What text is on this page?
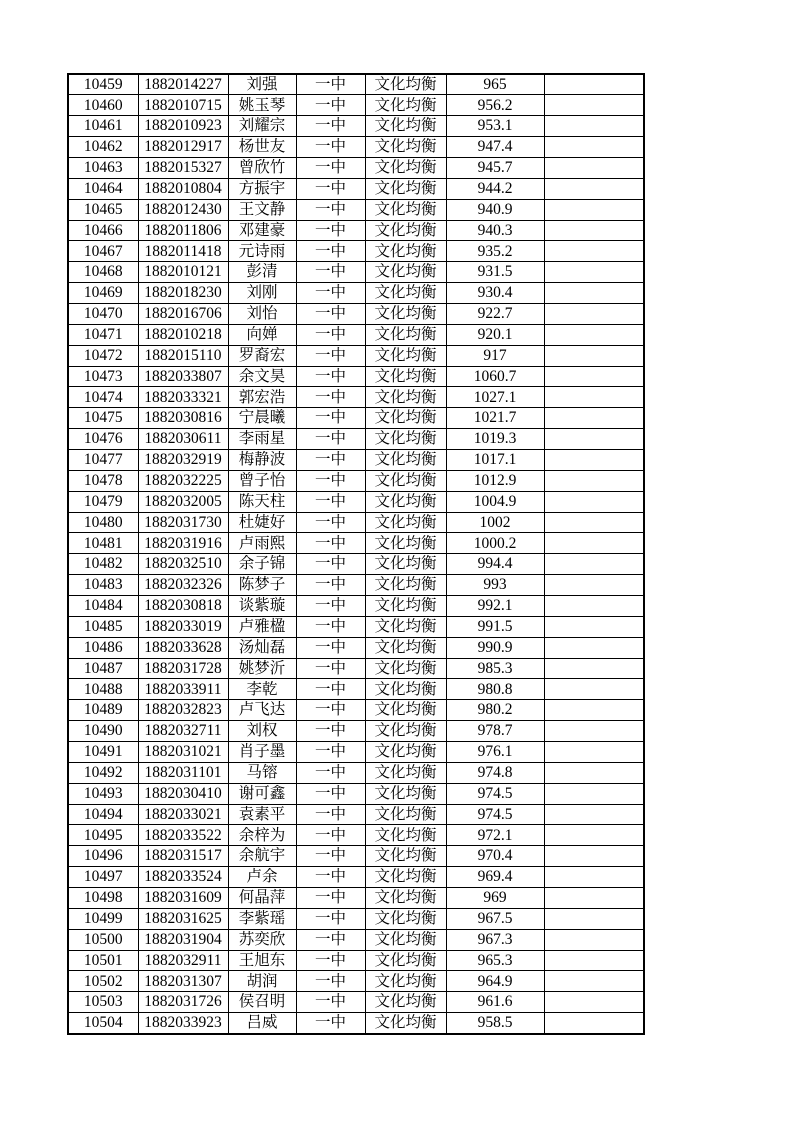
10459	1882014227	刘强	一中	文化均衡	965	
10460	1882010715	姚玉琴	一中	文化均衡	956.2	
10461	1882010923	刘耀宗	一中	文化均衡	953.1	
10462	1882012917	杨世友	一中	文化均衡	947.4	
10463	1882015327	曾欣竹	一中	文化均衡	945.7	
10464	1882010804	方振宇	一中	文化均衡	944.2	
10465	1882012430	王文静	一中	文化均衡	940.9	
10466	1882011806	邓建豪	一中	文化均衡	940.3	
10467	1882011418	元诗雨	一中	文化均衡	935.2	
10468	1882010121	彭清	一中	文化均衡	931.5	
10469	1882018230	刘刚	一中	文化均衡	930.4	
10470	1882016706	刘怡	一中	文化均衡	922.7	
10471	1882010218	向婵	一中	文化均衡	920.1	
10472	1882015110	罗裔宏	一中	文化均衡	917	
10473	1882033807	余文昊	一中	文化均衡	1060.7	
10474	1882033321	郭宏浩	一中	文化均衡	1027.1	
10475	1882030816	宁晨曦	一中	文化均衡	1021.7	
10476	1882030611	李雨星	一中	文化均衡	1019.3	
10477	1882032919	梅静波	一中	文化均衡	1017.1	
10478	1882032225	曾子怡	一中	文化均衡	1012.9	
10479	1882032005	陈天柱	一中	文化均衡	1004.9	
10480	1882031730	杜婕好	一中	文化均衡	1002	
10481	1882031916	卢雨熙	一中	文化均衡	1000.2	
10482	1882032510	余子锦	一中	文化均衡	994.4	
10483	1882032326	陈梦子	一中	文化均衡	993	
10484	1882030818	谈紫璇	一中	文化均衡	992.1	
10485	1882033019	卢雅楹	一中	文化均衡	991.5	
10486	1882033628	汤灿磊	一中	文化均衡	990.9	
10487	1882031728	姚梦沂	一中	文化均衡	985.3	
10488	1882033911	李乾	一中	文化均衡	980.8	
10489	1882032823	卢飞达	一中	文化均衡	980.2	
10490	1882032711	刘权	一中	文化均衡	978.7	
10491	1882031021	肖子墨	一中	文化均衡	976.1	
10492	1882031101	马镕	一中	文化均衡	974.8	
10493	1882030410	谢可鑫	一中	文化均衡	974.5	
10494	1882033021	袁素平	一中	文化均衡	974.5	
10495	1882033522	余梓为	一中	文化均衡	972.1	
10496	1882031517	余航宇	一中	文化均衡	970.4	
10497	1882033524	卢余	一中	文化均衡	969.4	
10498	1882031609	何晶萍	一中	文化均衡	969	
10499	1882031625	李紫瑶	一中	文化均衡	967.5	
10500	1882031904	苏奕欣	一中	文化均衡	967.3	
10501	1882032911	王旭东	一中	文化均衡	965.3	
10502	1882031307	胡润	一中	文化均衡	964.9	
10503	1882031726	侯召明	一中	文化均衡	961.6	
10504	1882033923	吕威	一中	文化均衡	958.5	
